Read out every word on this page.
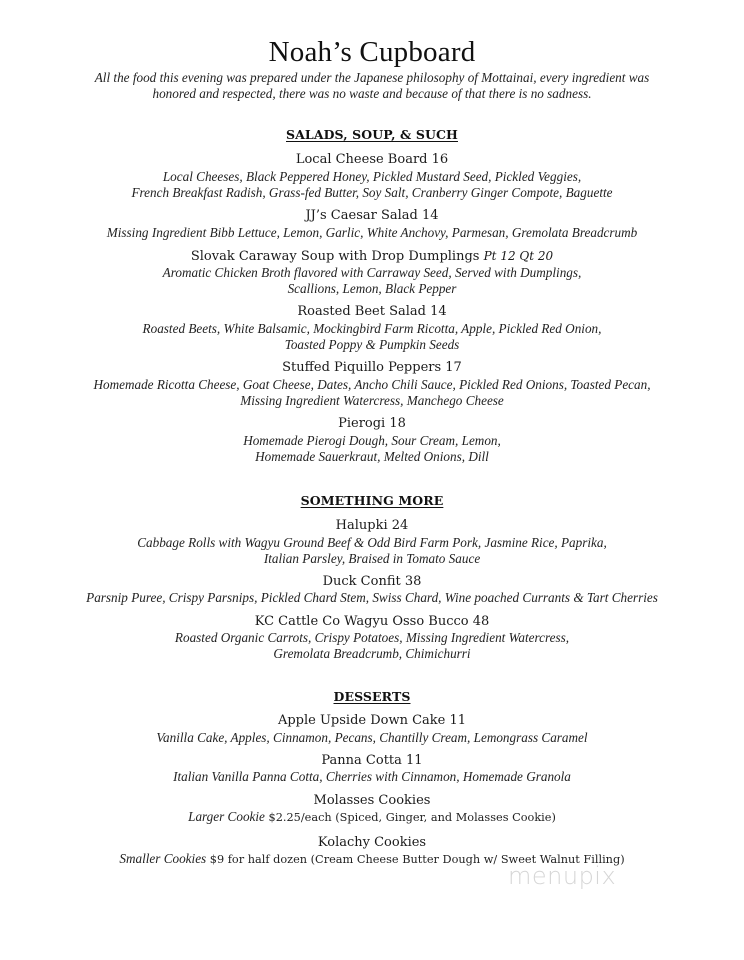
Noah’s Cupboard
All the food this evening was prepared under the Japanese philosophy of Mottainai, every ingredient was
honored and respected, there was no waste and because of that there is no sadness.
SALADS, SOUP, & SUCH
Local Cheese Board 16
Local Cheeses, Black Peppered Honey, Pickled Mustard Seed, Pickled Veggies,
French Breakfast Radish, Grass-fed Butter, Soy Salt, Cranberry Ginger Compote, Baguette
JJ’s Caesar Salad 14
Missing Ingredient Bibb Lettuce, Lemon, Garlic, White Anchovy, Parmesan, Gremolata Breadcrumb
Slovak Caraway Soup with Drop Dumplings Pt 12 Qt 20
Aromatic Chicken Broth flavored with Carraway Seed, Served with Dumplings,
Scallions, Lemon, Black Pepper
Roasted Beet Salad 14
Roasted Beets, White Balsamic, Mockingbird Farm Ricotta, Apple, Pickled Red Onion,
Toasted Poppy & Pumpkin Seeds
Stuffed Piquillo Peppers 17
Homemade Ricotta Cheese, Goat Cheese, Dates, Ancho Chili Sauce, Pickled Red Onions, Toasted Pecan,
Missing Ingredient Watercress, Manchego Cheese
Pierogi 18
Homemade Pierogi Dough, Sour Cream, Lemon,
Homemade Sauerkraut, Melted Onions, Dill
SOMETHING MORE
Halupki 24
Cabbage Rolls with Wagyu Ground Beef & Odd Bird Farm Pork, Jasmine Rice, Paprika,
Italian Parsley, Braised in Tomato Sauce
Duck Confit 38
Parsnip Puree, Crispy Parsnips, Pickled Chard Stem, Swiss Chard, Wine poached Currants & Tart Cherries
KC Cattle Co Wagyu Osso Bucco 48
Roasted Organic Carrots, Crispy Potatoes, Missing Ingredient Watercress,
Gremolata Breadcrumb, Chimichurri
DESSERTS
Apple Upside Down Cake 11
Vanilla Cake, Apples, Cinnamon, Pecans, Chantilly Cream, Lemongrass Caramel
Panna Cotta 11
Italian Vanilla Panna Cotta, Cherries with Cinnamon, Homemade Granola
Molasses Cookies
Larger Cookie $2.25/each (Spiced, Ginger, and Molasses Cookie)
Kolachy Cookies
Smaller Cookies $9 for half dozen (Cream Cheese Butter Dough w/ Sweet Walnut Filling)
menupix
